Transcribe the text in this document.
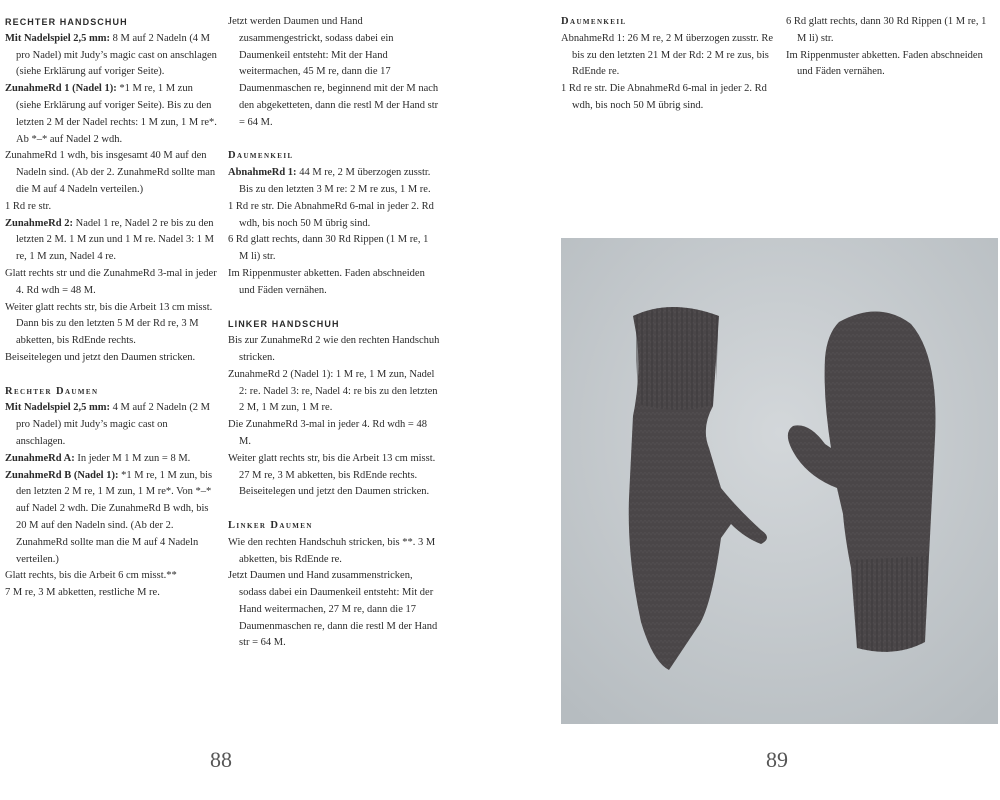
RECHTER HANDSCHUH

Mit Nadelspiel 2,5 mm: 8 M auf 2 Nadeln (4 M pro Nadel) mit Judy’s magic cast on anschlagen (siehe Erklärung auf voriger Seite).

ZunahmeRd 1 (Nadel 1): *1 M re, 1 M zun (siehe Erklärung auf voriger Seite). Bis zu den letzten 2 M der Nadel rechts: 1 M zun, 1 M re*. Ab *–* auf Nadel 2 wdh.

ZunahmeRd 1 wdh, bis insgesamt 40 M auf den Nadeln sind. (Ab der 2. ZunahmeRd sollte man die M auf 4 Nadeln verteilen.)

1 Rd re str.

ZunahmeRd 2: Nadel 1 re, Nadel 2 re bis zu den letzten 2 M. 1 M zun und 1 M re. Nadel 3: 1 M re, 1 M zun, Nadel 4 re.

Glatt rechts str und die ZunahmeRd 3-mal in jeder 4. Rd wdh = 48 M.

Weiter glatt rechts str, bis die Arbeit 13 cm misst. Dann bis zu den letzten 5 M der Rd re, 3 M abketten, bis RdEnde rechts.

Beiseitelegen und jetzt den Daumen stricken.

Rechter Daumen

Mit Nadelspiel 2,5 mm: 4 M auf 2 Nadeln (2 M pro Nadel) mit Judy’s magic cast on anschlagen.

ZunahmeRd A: In jeder M 1 M zun = 8 M.

ZunahmeRd B (Nadel 1): *1 M re, 1 M zun, bis den letzten 2 M re, 1 M zun, 1 M re*. Von *–* auf Nadel 2 wdh. Die ZunahmeRd B wdh, bis 20 M auf den Nadeln sind. (Ab der 2. ZunahmeRd sollte man die M auf 4 Nadeln verteilen.)

Glatt rechts, bis die Arbeit 6 cm misst.**

7 M re, 3 M abketten, restliche M re.

Jetzt werden Daumen und Hand zusammengestrickt, sodass dabei ein Daumenkeil entsteht: Mit der Hand weitermachen, 45 M re, dann die 17 Daumenmaschen re, beginnend mit der M nach den abgeketteten, dann die restl M der Hand str = 64 M.

Daumenkeil

AbnahmeRd 1: 44 M re, 2 M überzogen zusstr. Bis zu den letzten 3 M re: 2 M re zus, 1 M re.

1 Rd re str. Die AbnahmeRd 6-mal in jeder 2. Rd wdh, bis noch 50 M übrig sind.

6 Rd glatt rechts, dann 30 Rd Rippen (1 M re, 1 M li) str.

Im Rippenmuster abketten. Faden abschneiden und Fäden vernähen.

LINKER HANDSCHUH

Bis zur ZunahmeRd 2 wie den rechten Handschuh stricken.

ZunahmeRd 2 (Nadel 1): 1 M re, 1 M zun, Nadel 2: re. Nadel 3: re, Nadel 4: re bis zu den letzten 2 M, 1 M zun, 1 M re.

Die ZunahmeRd 3-mal in jeder 4. Rd wdh = 48 M.

Weiter glatt rechts str, bis die Arbeit 13 cm misst. 27 M re, 3 M abketten, bis RdEnde rechts. Beiseitelegen und jetzt den Daumen stricken.

Linker Daumen

Wie den rechten Handschuh stricken, bis **. 3 M abketten, bis RdEnde re.

Jetzt Daumen und Hand zusammenstricken, sodass dabei ein Daumenkeil entsteht: Mit der Hand weitermachen, 27 M re, dann die 17 Daumenmaschen re, dann die restl M der Hand str = 64 M.

Daumenkeil

AbnahmeRd 1: 26 M re, 2 M überzogen zusstr. Re bis zu den letzten 21 M der Rd: 2 M re zus, bis RdEnde re.

1 Rd re str. Die AbnahmeRd 6-mal in jeder 2. Rd wdh, bis noch 50 M übrig sind.

6 Rd glatt rechts, dann 30 Rd Rippen (1 M re, 1 M li) str.

Im Rippenmuster abketten. Faden abschneiden und Fäden vernähen.

88	89
